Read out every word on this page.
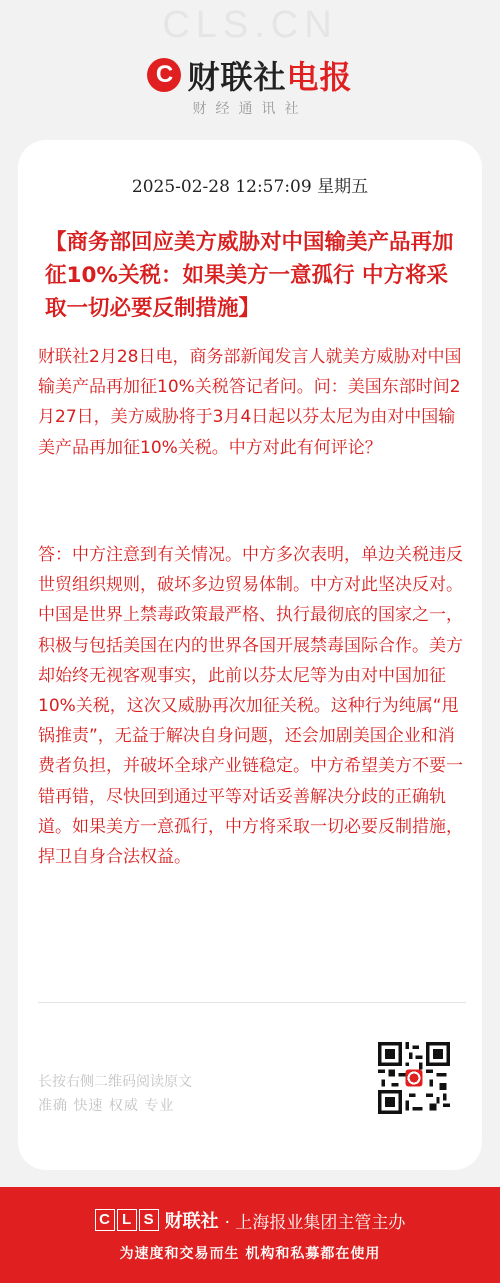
CLS.CN
C 财联社电报
财经通讯社
2025-02-28 12:57:09 星期五
【商务部回应美方威胁对中国输美产品再加征10%关税：如果美方一意孤行 中方将采取一切必要反制措施】
财联社2月28日电，商务部新闻发言人就美方威胁对中国输美产品再加征10%关税答记者问。问：美国东部时间2月27日，美方威胁将于3月4日起以芬太尼为由对中国输美产品再加征10%关税。中方对此有何评论？
答：中方注意到有关情况。中方多次表明，单边关税违反世贸组织规则，破坏多边贸易体制。中方对此坚决反对。中国是世界上禁毒政策最严格、执行最彻底的国家之一，积极与包括美国在内的世界各国开展禁毒国际合作。美方却始终无视客观事实，此前以芬太尼等为由对中国加征10%关税，这次又威胁再次加征关税。这种行为纯属“甩锅推责”，无益于解决自身问题，还会加剧美国企业和消费者负担，并破坏全球产业链稳定。中方希望美方不要一错再错，尽快回到通过平等对话妥善解决分歧的正确轨道。如果美方一意孤行，中方将采取一切必要反制措施，捍卫自身合法权益。
长按右侧二维码阅读原文
准确 快速 权威 专业
C L S 财联社 · 上海报业集团主管主办
为速度和交易而生 机构和私募都在使用
